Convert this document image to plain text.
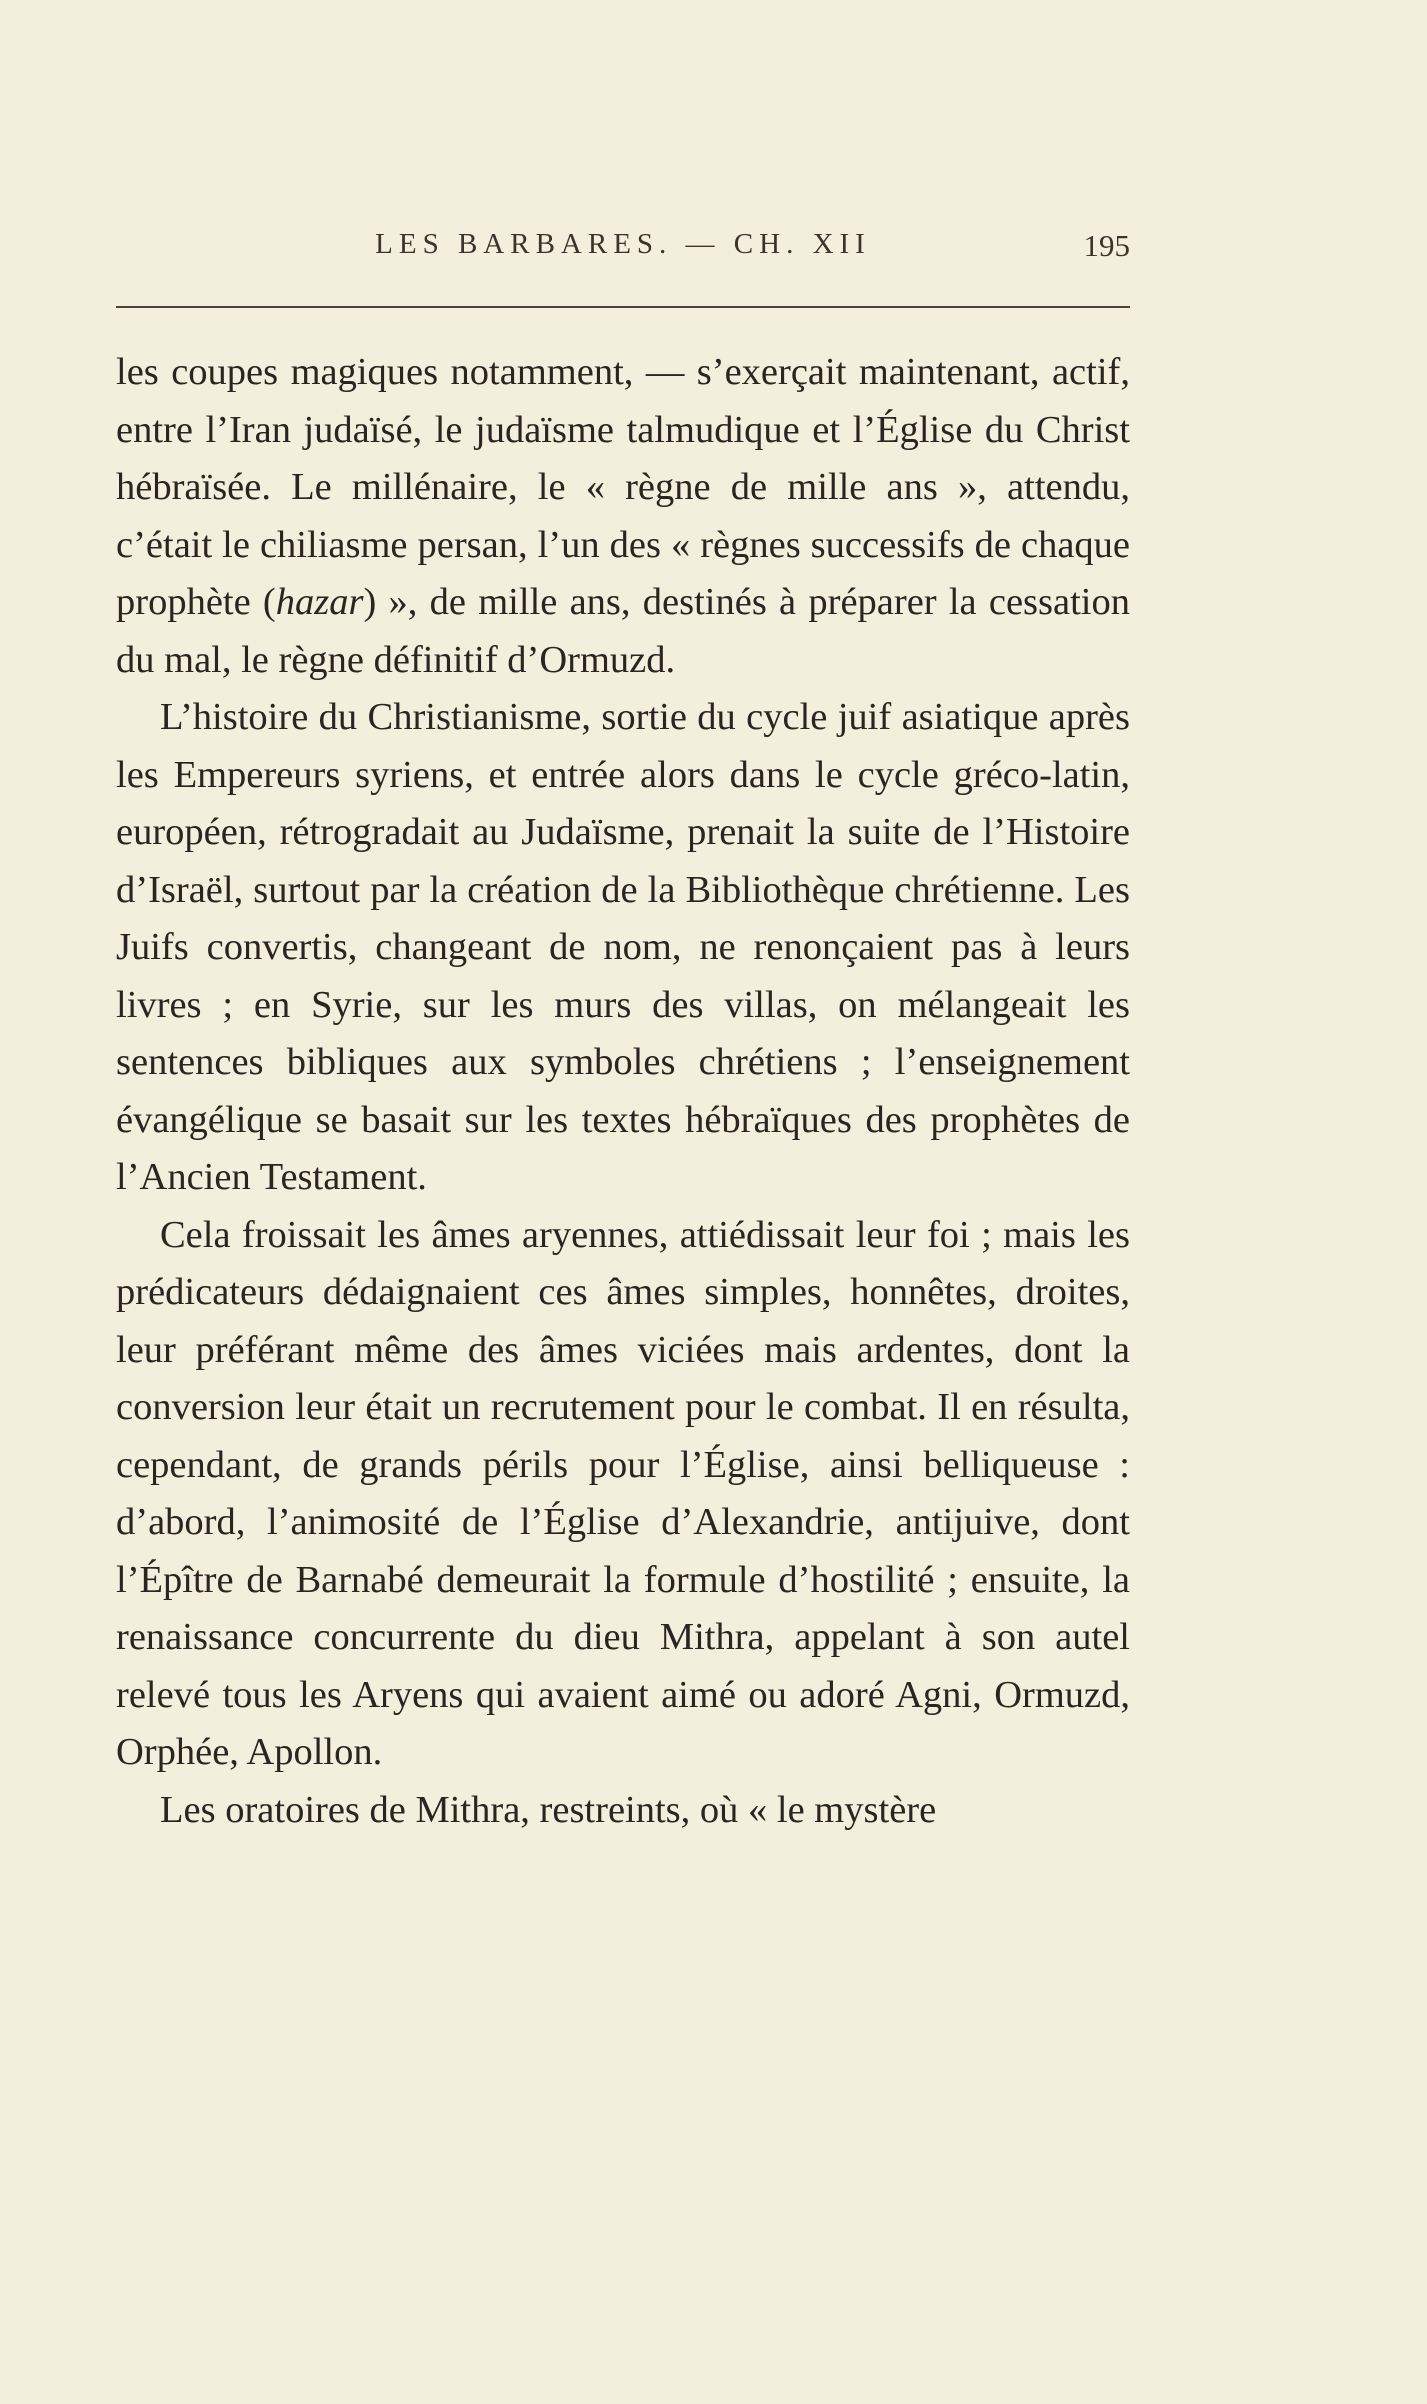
LES BARBARES. — CH. XII	195

les coupes magiques notamment, — s’exerçait maintenant, actif, entre l’Iran judaïsé, le judaïsme talmudique et l’Église du Christ hébraïsée. Le millénaire, le « règne de mille ans », attendu, c’était le chiliasme persan, l’un des « règnes successifs de chaque prophète (hazar) », de mille ans, destinés à préparer la cessation du mal, le règne définitif d’Ormuzd.

L’histoire du Christianisme, sortie du cycle juif asiatique après les Empereurs syriens, et entrée alors dans le cycle gréco-latin, européen, rétrogradait au Judaïsme, prenait la suite de l’Histoire d’Israël, surtout par la création de la Bibliothèque chrétienne. Les Juifs convertis, changeant de nom, ne renonçaient pas à leurs livres ; en Syrie, sur les murs des villas, on mélangeait les sentences bibliques aux symboles chrétiens ; l’enseignement évangélique se basait sur les textes hébraïques des prophètes de l’Ancien Testament.

Cela froissait les âmes aryennes, attiédissait leur foi ; mais les prédicateurs dédaignaient ces âmes simples, honnêtes, droites, leur préférant même des âmes viciées mais ardentes, dont la conversion leur était un recrutement pour le combat. Il en résulta, cependant, de grands périls pour l’Église, ainsi belliqueuse : d’abord, l’animosité de l’Église d’Alexandrie, antijuive, dont l’Épître de Barnabé demeurait la formule d’hostilité ; ensuite, la renaissance concurrente du dieu Mithra, appelant à son autel relevé tous les Aryens qui avaient aimé ou adoré Agni, Ormuzd, Orphée, Apollon.

Les oratoires de Mithra, restreints, où « le mystère
